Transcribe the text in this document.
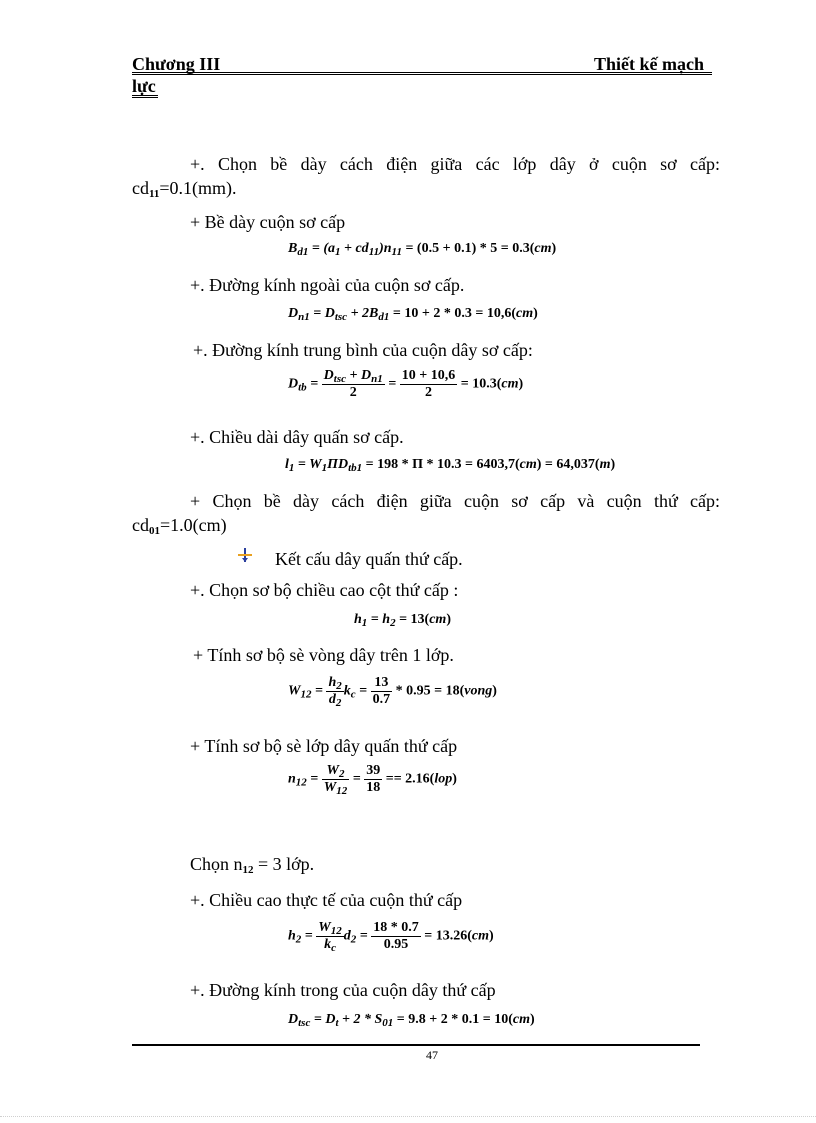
Chương III	Thiết kế mạch
lực
+. Chọn bề dày cách điện giữa các lớp dây ở cuộn sơ cấp:
$cd_{11}=0.1(mm)$.
+ Bề dày cuộn sơ cấp
$B_{d1} = (a_1 + cd_{11})n_{11} = (0.5 + 0.1) * 5 = 0.3(cm)$
+. Đường kính ngoài của cuộn sơ cấp.
$D_{n1} = D_{tsc} + 2B_{d1} = 10 + 2 * 0.3 = 10,6(cm)$
+. Đường kính trung bình của cuộn dây sơ cấp:
$D_{tb} = \frac{D_{tsc} + D_{n1}}{2} = \frac{10 + 10,6}{2} = 10.3(cm)$
+. Chiều dài dây quấn sơ cấp.
$l_1 = W_1\Pi D_{tb1} = 198 * \Pi * 10.3 = 6403,7(cm) = 64,037(m)$
+ Chọn bề dày cách điện giữa cuộn sơ cấp và cuộn thứ cấp:
$cd_{01}=1.0(cm)$
Kết cấu dây quấn thứ cấp.
+. Chọn sơ bộ chiều cao cột thứ cấp :
$h_1 = h_2 = 13(cm)$
+ Tính sơ bộ sè vòng dây trên 1 lớp.
$W_{12} = \frac{h_2}{d_2} k_c = \frac{13}{0.7} * 0.95$ = 18(vong)
+ Tính sơ bộ sè lớp dây quấn thứ cấp
$n_{12} = \frac{W_2}{W_{12}} = \frac{39}{18} == 2.16(lop)$
Chọn $n_{12} = 3$ lớp.
+. Chiều cao thực tế của cuộn thứ cấp
$h_2 = \frac{W_{12}}{k_c} d_2 = \frac{18 * 0.7}{0.95} = 13.26(cm)$
+. Đường kính trong của cuộn dây thứ cấp
$D_{tsc} = D_t + 2 * S_{01} = 9.8 + 2 * 0.1 = 10(cm)$
47
